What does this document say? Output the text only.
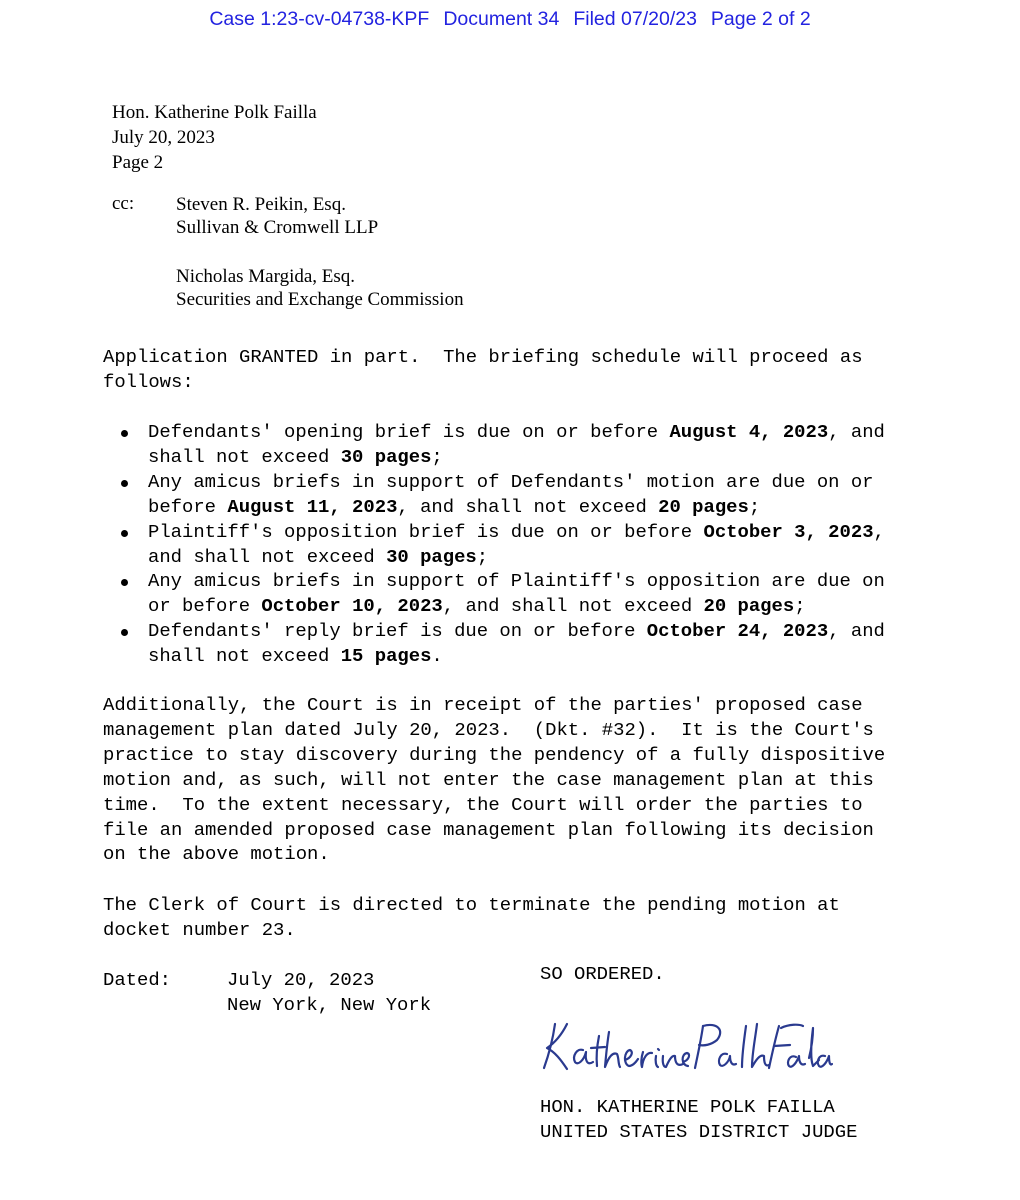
Case 1:23-cv-04738-KPF Document 34 Filed 07/20/23 Page 2 of 2
Hon. Katherine Polk Failla
July 20, 2023
Page 2
cc: Steven R. Peikin, Esq.
Sullivan & Cromwell LLP
Nicholas Margida, Esq.
Securities and Exchange Commission
Application GRANTED in part.  The briefing schedule will proceed as
follows:
Defendants' opening brief is due on or before August 4, 2023, and
shall not exceed 30 pages;
Any amicus briefs in support of Defendants' motion are due on or
before August 11, 2023, and shall not exceed 20 pages;
Plaintiff's opposition brief is due on or before October 3, 2023,
and shall not exceed 30 pages;
Any amicus briefs in support of Plaintiff's opposition are due on
or before October 10, 2023, and shall not exceed 20 pages;
Defendants' reply brief is due on or before October 24, 2023, and
shall not exceed 15 pages.
Additionally, the Court is in receipt of the parties' proposed case
management plan dated July 20, 2023.  (Dkt. #32).  It is the Court's
practice to stay discovery during the pendency of a fully dispositive
motion and, as such, will not enter the case management plan at this
time.  To the extent necessary, the Court will order the parties to
file an amended proposed case management plan following its decision
on the above motion.
The Clerk of Court is directed to terminate the pending motion at
docket number 23.
Dated:	July 20, 2023
New York, New York
SO ORDERED.
Katherine Polk Failla
HON. KATHERINE POLK FAILLA
UNITED STATES DISTRICT JUDGE
